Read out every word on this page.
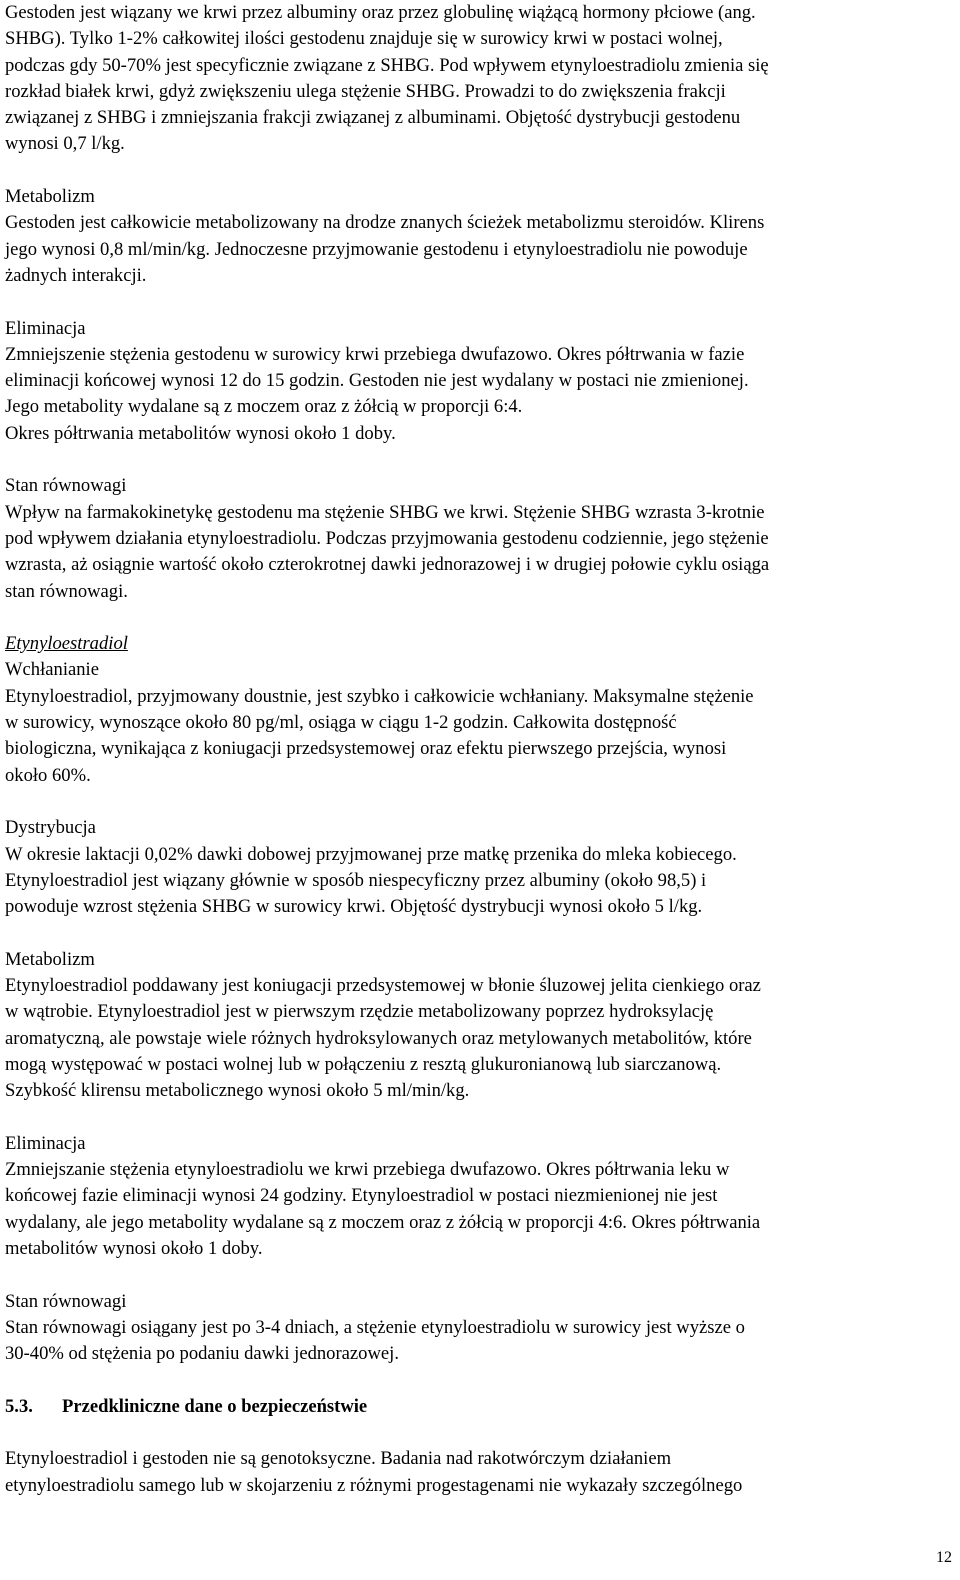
Gestoden jest wiązany we krwi przez albuminy oraz przez globulinę wiążącą hormony płciowe (ang.
SHBG). Tylko 1-2% całkowitej ilości gestodenu znajduje się w surowicy krwi w postaci wolnej,
podczas gdy 50-70% jest specyficznie związane z SHBG. Pod wpływem etynyloestradiolu zmienia się
rozkład białek krwi, gdyż zwiększeniu ulega stężenie SHBG. Prowadzi to do zwiększenia frakcji
związanej z SHBG i zmniejszania frakcji związanej z albuminami. Objętość dystrybucji gestodenu
wynosi 0,7 l/kg.

Metabolizm

Gestoden jest całkowicie metabolizowany na drodze znanych ścieżek metabolizmu steroidów. Klirens
jego wynosi 0,8 ml/min/kg. Jednoczesne przyjmowanie gestodenu i etynyloestradiolu nie powoduje
żadnych interakcji.

Eliminacja

Zmniejszenie stężenia gestodenu w surowicy krwi przebiega dwufazowo. Okres półtrwania w fazie
eliminacji końcowej wynosi 12 do 15 godzin. Gestoden nie jest wydalany w postaci nie zmienionej.
Jego metabolity wydalane są z moczem oraz z żółcią w proporcji 6:4.
Okres półtrwania metabolitów wynosi około 1 doby.

Stan równowagi

Wpływ na farmakokinetykę gestodenu ma stężenie SHBG we krwi. Stężenie SHBG wzrasta 3-krotnie
pod wpływem działania etynyloestradiolu. Podczas przyjmowania gestodenu codziennie, jego stężenie
wzrasta, aż osiągnie wartość około czterokrotnej dawki jednorazowej i w drugiej połowie cyklu osiąga
stan równowagi.

Etynyloestradiol

Wchłanianie

Etynyloestradiol, przyjmowany doustnie, jest szybko i całkowicie wchłaniany. Maksymalne stężenie
w surowicy, wynoszące około 80 pg/ml, osiąga w ciągu 1-2 godzin. Całkowita dostępność
biologiczna, wynikająca z koniugacji przedsystemowej oraz efektu pierwszego przejścia, wynosi
około 60%.

Dystrybucja

W okresie laktacji 0,02% dawki dobowej przyjmowanej prze matkę przenika do mleka kobiecego.
Etynyloestradiol jest wiązany głównie w sposób niespecyficzny przez albuminy (około 98,5) i
powoduje wzrost stężenia SHBG w surowicy krwi. Objętość dystrybucji wynosi około 5 l/kg.

Metabolizm

Etynyloestradiol poddawany jest koniugacji przedsystemowej w błonie śluzowej jelita cienkiego oraz
w wątrobie. Etynyloestradiol jest w pierwszym rzędzie metabolizowany poprzez hydroksylację
aromatyczną, ale powstaje wiele różnych hydroksylowanych oraz metylowanych metabolitów, które
mogą występować w postaci wolnej lub w połączeniu z resztą glukuronianową lub siarczanową.
Szybkość klirensu metabolicznego wynosi około 5 ml/min/kg.

Eliminacja

Zmniejszanie stężenia etynyloestradiolu we krwi przebiega dwufazowo. Okres półtrwania leku w
końcowej fazie eliminacji wynosi 24 godziny. Etynyloestradiol w postaci niezmienionej nie jest
wydalany, ale jego metabolity wydalane są z moczem oraz z żółcią w proporcji 4:6. Okres półtrwania
metabolitów wynosi około 1 doby.

Stan równowagi

Stan równowagi osiągany jest po 3-4 dniach, a stężenie etynyloestradiolu w surowicy jest wyższe o
30-40% od stężenia po podaniu dawki jednorazowej.

5.3. Przedkliniczne dane o bezpieczeństwie

Etynyloestradiol i gestoden nie są genotoksyczne. Badania nad rakotwórczym działaniem
etynyloestradiolu samego lub w skojarzeniu z różnymi progestagenami nie wykazały szczególnego

12
